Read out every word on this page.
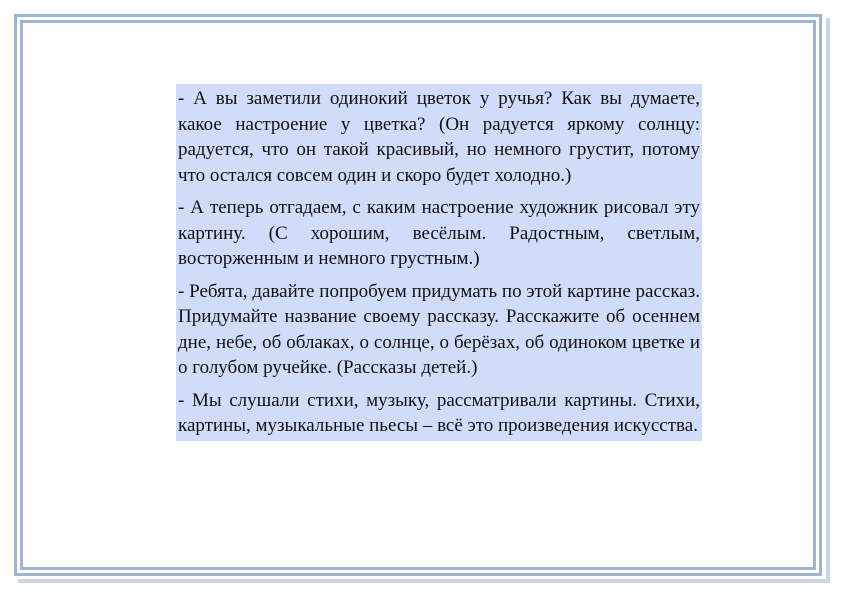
- А вы заметили одинокий цветок у ручья? Как вы думаете, какое настроение у цветка? (Он радуется яркому солнцу: радуется, что он такой красивый, но немного грустит, потому что остался совсем один и скоро будет холодно.)

- А теперь отгадаем, с каким настроение художник рисовал эту картину. (С хорошим, весёлым. Радостным, светлым, восторженным и немного грустным.)

- Ребята, давайте попробуем придумать по этой картине рассказ. Придумайте название своему рассказу. Расскажите об осеннем дне, небе, об облаках, о солнце, о берёзах, об одиноком цветке и о голубом ручейке. (Рассказы детей.)

- Мы слушали стихи, музыку, рассматривали картины. Стихи, картины, музыкальные пьесы – всё это произведения искусства.
